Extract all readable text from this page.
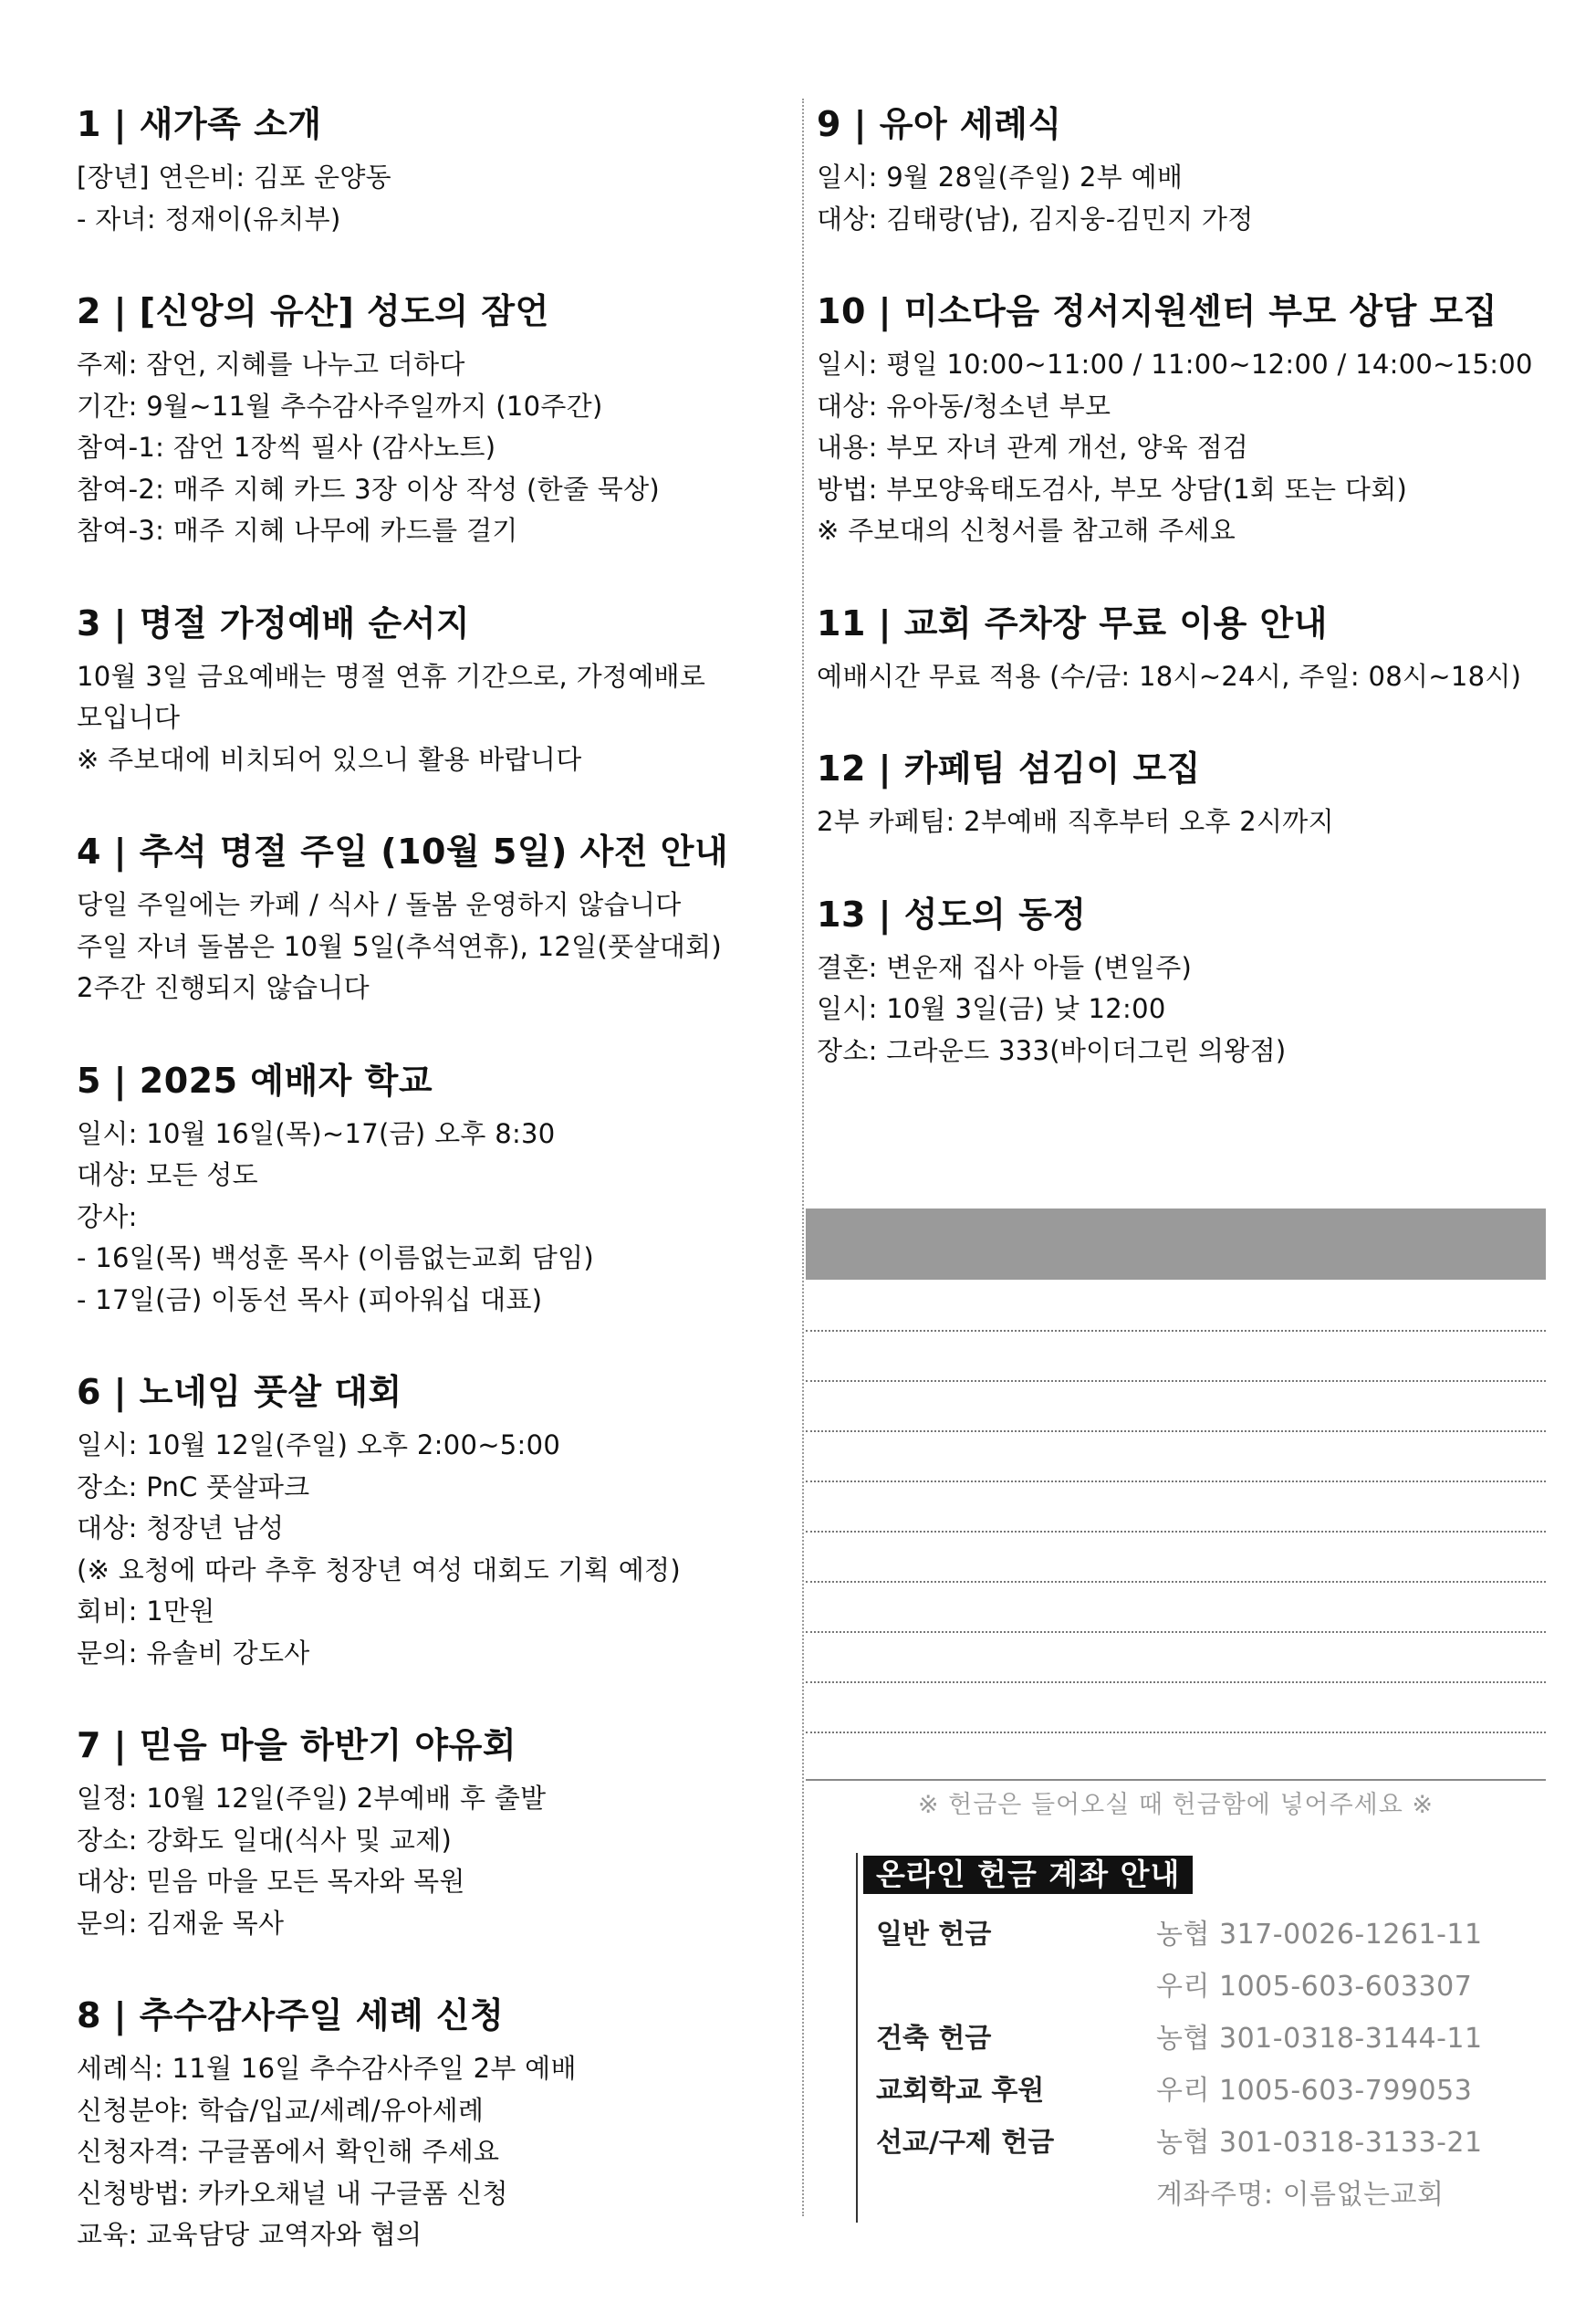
1 | 새가족 소개
[장년] 연은비: 김포 운양동
- 자녀: 정재이(유치부)
2 | [신앙의 유산] 성도의 잠언
주제: 잠언, 지혜를 나누고 더하다
기간: 9월~11월 추수감사주일까지 (10주간)
참여-1: 잠언 1장씩 필사 (감사노트)
참여-2: 매주 지혜 카드 3장 이상 작성 (한줄 묵상)
참여-3: 매주 지혜 나무에 카드를 걸기
3 | 명절 가정예배 순서지
10월 3일 금요예배는 명절 연휴 기간으로, 가정예배로
모입니다
※ 주보대에 비치되어 있으니 활용 바랍니다
4 | 추석 명절 주일 (10월 5일) 사전 안내
당일 주일에는 카페 / 식사 / 돌봄 운영하지 않습니다
주일 자녀 돌봄은 10월 5일(추석연휴), 12일(풋살대회)
2주간 진행되지 않습니다
5 | 2025 예배자 학교
일시: 10월 16일(목)~17(금) 오후 8:30
대상: 모든 성도
강사:
- 16일(목) 백성훈 목사 (이름없는교회 담임)
- 17일(금) 이동선 목사 (피아워십 대표)
6 | 노네임 풋살 대회
일시: 10월 12일(주일) 오후 2:00~5:00
장소: PnC 풋살파크
대상: 청장년 남성
(※ 요청에 따라 추후 청장년 여성 대회도 기획 예정)
회비: 1만원
문의: 유솔비 강도사
7 | 믿음 마을 하반기 야유회
일정: 10월 12일(주일) 2부예배 후 출발
장소: 강화도 일대(식사 및 교제)
대상: 믿음 마을 모든 목자와 목원
문의: 김재윤 목사
8 | 추수감사주일 세례 신청
세례식: 11월 16일 추수감사주일 2부 예배
신청분야: 학습/입교/세례/유아세례
신청자격: 구글폼에서 확인해 주세요
신청방법: 카카오채널 내 구글폼 신청
교육: 교육담당 교역자와 협의
9 | 유아 세례식
일시: 9월 28일(주일) 2부 예배
대상: 김태랑(남), 김지웅-김민지 가정
10 | 미소다음 정서지원센터 부모 상담 모집
일시: 평일 10:00~11:00 / 11:00~12:00 / 14:00~15:00
대상: 유아동/청소년 부모
내용: 부모 자녀 관계 개선, 양육 점검
방법: 부모양육태도검사, 부모 상담(1회 또는 다회)
※ 주보대의 신청서를 참고해 주세요
11 | 교회 주차장 무료 이용 안내
예배시간 무료 적용 (수/금: 18시~24시, 주일: 08시~18시)
12 | 카페팀 섬김이 모집
2부 카페팀: 2부예배 직후부터 오후 2시까지
13 | 성도의 동정
결혼: 변운재 집사 아들 (변일주)
일시: 10월 3일(금) 낮 12:00
장소: 그라운드 333(바이더그린 의왕점)
※ 헌금은 들어오실 때 헌금함에 넣어주세요 ※
온라인 헌금 계좌 안내
일반 헌금	농협 317-0026-1261-11
우리 1005-603-603307
건축 헌금	농협 301-0318-3144-11
교회학교 후원	우리 1005-603-799053
선교/구제 헌금	농협 301-0318-3133-21
계좌주명: 이름없는교회
